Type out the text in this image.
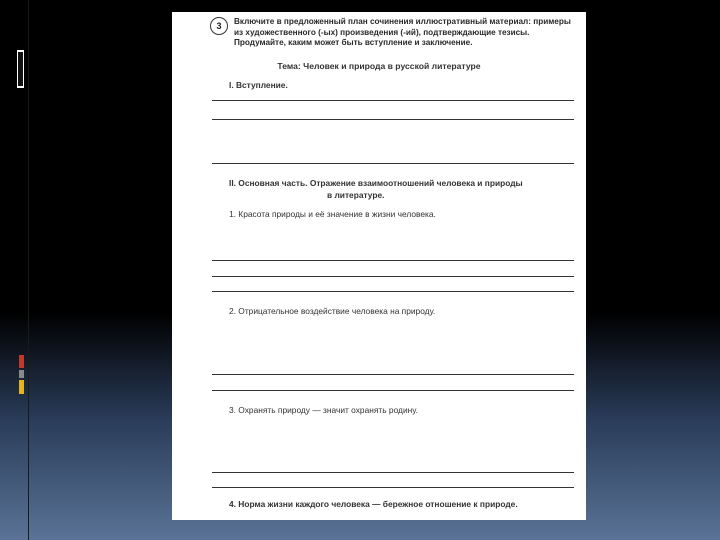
3	Включите в предложенный план сочинения иллюстративный материал: примеры из художественного (-ых) произведения (-ий), подтверждающие тезисы. Продумайте, каким может быть вступление и заключение.
Тема: Человек и природа в русской литературе
I. Вступление.
II. Основная часть. Отражение взаимоотношений человека и природы
в литературе.
1. Красота природы и её значение в жизни человека.
2. Отрицательное воздействие человека на природу.
3. Охранять природу — значит охранять родину.
4. Норма жизни каждого человека — бережное отношение к природе.
